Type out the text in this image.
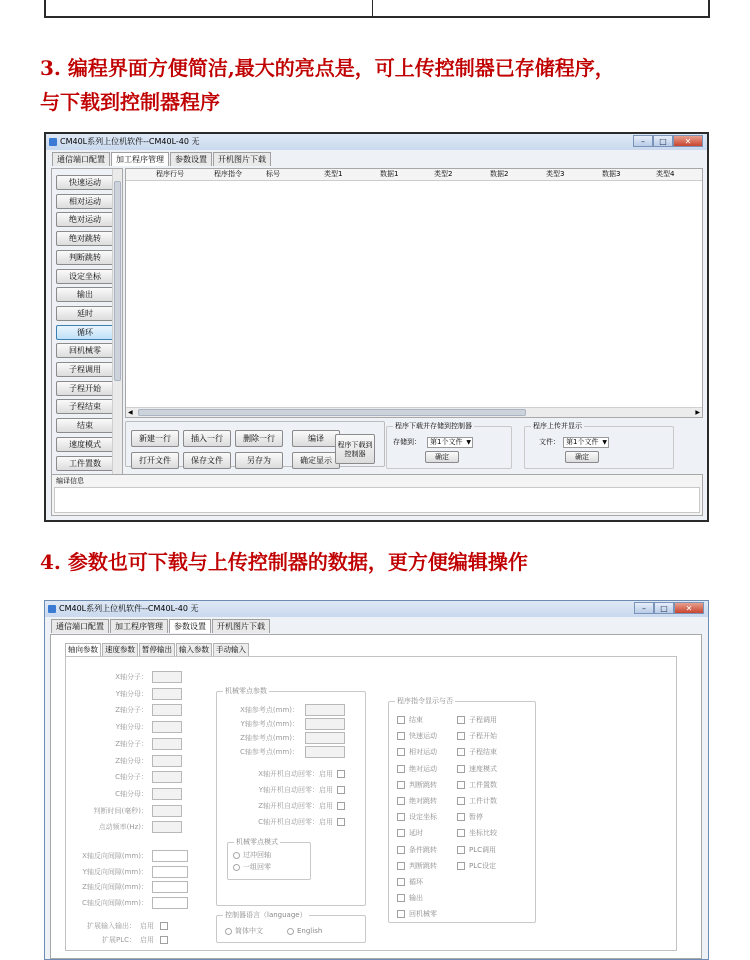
3. 编程界面方便简洁,最大的亮点是，可上传控制器已存储程序，
与下载到控制器程序
4. 参数也可下载与上传控制器的数据，更方便编辑操作
CM40L系列上位机软件--CM40L-40 无	–	□	✕
通信端口配置	加工程序管理	参数设置	开机图片下载
快速运动
相对运动
绝对运动
绝对跳转
判断跳转
设定坐标
输出
延时
循环
回机械零
子程调用
子程开始
子程结束
结束
速度模式
工件置数
程序行号	程序指令	标号	类型1	数据1	类型2	数据2	类型3	数据3	类型4
◀	▶
新建一行	插入一行	删除一行	编译
打开文件	保存文件	另存为	确定显示
程序下载到控制器
程序下载并存储到控制器
存储到：	第1个文件 ▼
确定
程序上传并显示
文件： 第1个文件 ▼
确定
编译信息
CM40L系列上位机软件--CM40L-40 无	–	□	✕
通信端口配置	加工程序管理	参数设置	开机图片下载
轴向参数 速度参数 暂停输出 输入参数 手动输入
X轴分子：
Y轴分母：
Z轴分子：
Y轴分母：
Z轴分子：
Z轴分母：
C轴分子：
C轴分母：
判断时间(毫秒)：
点动频率(Hz)：
X轴反向间隙(mm)：
Y轴反向间隙(mm)：
Z轴反向间隙(mm)：
C轴反向间隙(mm)：
扩展输入输出： 启用
扩展PLC： 启用
机械零点参数
X轴参考点(mm)：
Y轴参考点(mm)：
Z轴参考点(mm)：
C轴参考点(mm)：
X轴开机自动回零：启用
Y轴开机自动回零：启用
Z轴开机自动回零：启用
C轴开机自动回零：启用
机械零点模式
过冲回轴
一组回零
控制器语言（language）
简体中文	English
程序指令显示与否
结束
快速运动
相对运动
绝对运动
判断跳转
绝对跳转
设定坐标
延时
条件跳转
判断跳转
循环
输出
回机械零
子程调用
子程开始
子程结束
速度模式
工件置数
工件计数
暂停
坐标比较
PLC调用
PLC设定
